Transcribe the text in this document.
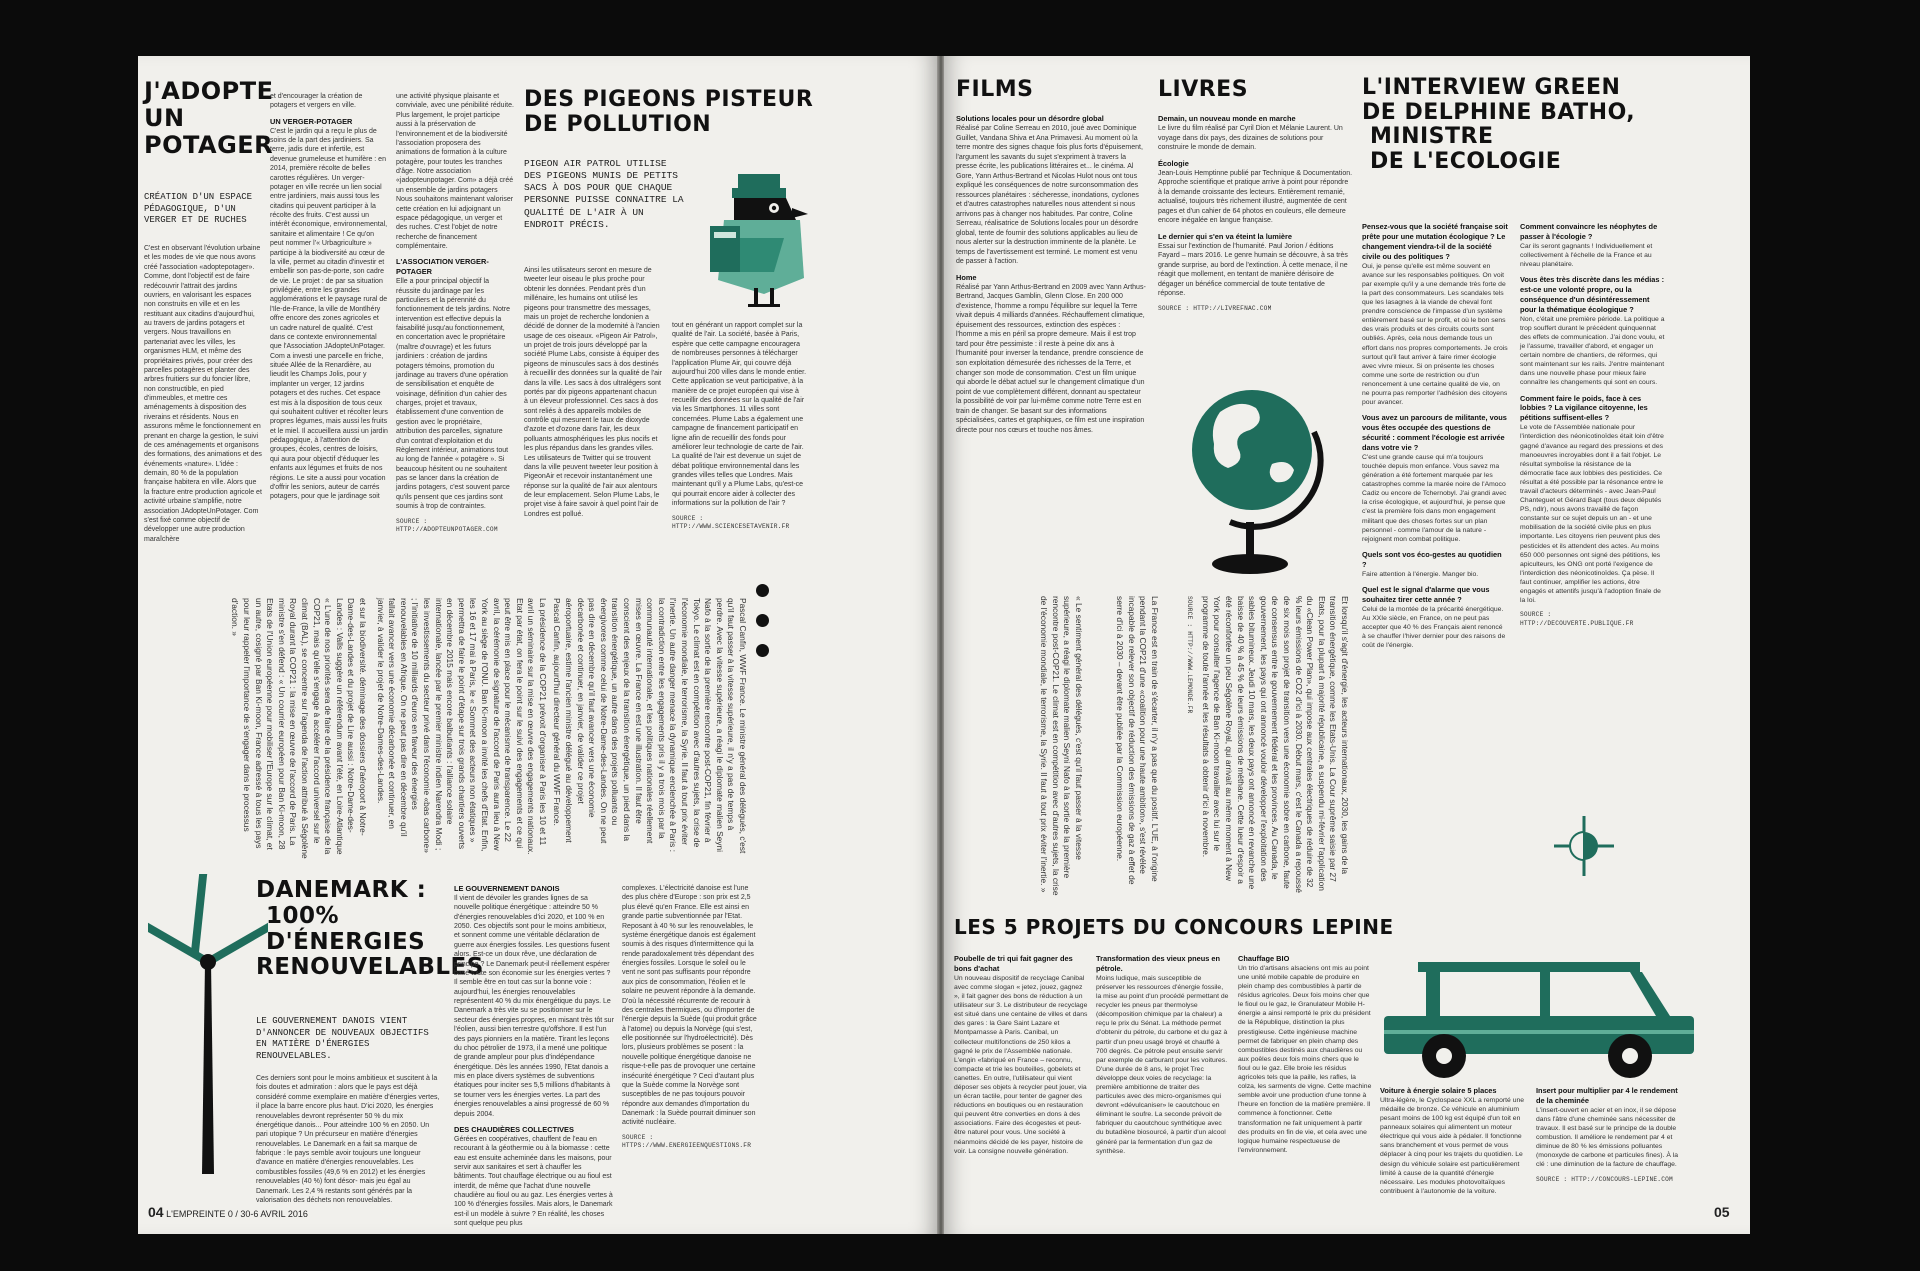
J'ADOPTE
UN
POTAGER
CRÉATION D'UN ESPACE PÉDAGOGIQUE, D'UN VERGER ET DE RUCHES
C'est en observant l'évolution urbaine et les modes de vie que nous avons créé l'association «adoptepotager». Comme, dont l'objectif est de faire redécouvrir l'attrait des jardins ouvriers, en valorisant les espaces non construits en ville et en les restituant aux citadins d'aujourd'hui, au travers de jardins potagers et vergers. Nous travaillons en partenariat avec les villes, les organismes HLM, et même des propriétaires privés, pour créer des parcelles potagères et planter des arbres fruitiers sur du foncier libre, non constructible, en pied d'immeubles, et mettre ces aménagements à disposition des riverains et résidents. Nous en assurons même le fonctionnement en prenant en charge la gestion, le suivi de ces aménagements et organisons des formations, des animations et des événements «nature». L'idée : demain, 80 % de la population française habitera en ville. Alors que la fracture entre production agricole et activité urbaine s'amplifie, notre association JAdopteUnPotager. Com s'est fixé comme objectif de développer une autre production maraîchère
et d'encourager la création de potagers et vergers en ville.
UN VERGER-POTAGER
C'est le jardin qui a reçu le plus de soins de la part des jardiniers. Sa terre, jadis dure et infertile, est devenue grumeleuse et humifère : en 2014, première récolte de belles carottes régulières. Un verger-potager en ville recrée un lien social entre jardiniers, mais aussi tous les citadins qui peuvent participer à la récolte des fruits. C'est aussi un intérêt économique, environnemental, sanitaire et alimentaire ! Ce qu'on peut nommer l'« Urbagriculture » participe à la biodiversité au cœur de la ville, permet au citadin d'investir et embellir son pas-de-porte, son cadre de vie. Le projet : de par sa situation privilégiée, entre les grandes agglomérations et le paysage rural de l'Ile-de-France, la ville de Montlhéry offre encore des zones agricoles et un cadre naturel de qualité. C'est dans ce contexte environnemental que l'Association JAdopteUnPotager. Com a investi une parcelle en friche, située Allée de la Renardière, au lieudit les Champs Jolis, pour y implanter un verger, 12 jardins potagers et des ruches. Cet espace est mis à la disposition de tous ceux qui souhaitent cultiver et récolter leurs propres légumes, mais aussi les fruits et le miel. Il accueillera aussi un jardin pédagogique, à l'attention de groupes, écoles, centres de loisirs, qui aura pour objectif d'éduquer les enfants aux légumes et fruits de nos régions. Le site a aussi pour vocation d'offrir les seniors, auteur de carrés potagers, pour que le jardinage soit
une activité physique plaisante et conviviale, avec une pénibilité réduite. Plus largement, le projet participe aussi à la préservation de l'environnement et de la biodiversité l'association proposera des animations de formation à la culture potagère, pour toutes les tranches d'âge. Notre association «jadopteunpotager. Com» a déjà créé un ensemble de jardins potagers Nous souhaitons maintenant valoriser cette création en lui adjoignant un espace pédagogique, un verger et des ruches. C'est l'objet de notre recherche de financement complémentaire.
L'ASSOCIATION VERGER-POTAGER
Elle a pour principal objectif la réussite du jardinage par les particuliers et la pérennité du fonctionnement de tels jardins. Notre intervention est effective depuis la faisabilité jusqu'au fonctionnement, en concertation avec le propriétaire (maître d'ouvrage) et les futurs jardiniers : création de jardins potagers témoins, promotion du jardinage au travers d'une opération de sensibilisation et enquête de voisinage, définition d'un cahier des charges, projet et travaux, établissement d'une convention de gestion avec le propriétaire, attribution des parcelles, signature d'un contrat d'exploitation et du Règlement intérieur, animations tout au long de l'année « potagère ». Si beaucoup hésitent ou ne souhaitent pas se lancer dans la création de jardins potagers, c'est souvent parce qu'ils pensent que ces jardins sont soumis à trop de contraintes.
SOURCE : HTTP://ADOPTEUNPOTAGER.COM
DES PIGEONS PISTEUR
DE POLLUTION
PIGEON AIR PATROL UTILISE DES PIGEONS MUNIS DE PETITS SACS À DOS POUR QUE CHAQUE PERSONNE PUISSE CONNAITRE LA QUALITÉ DE L'AIR À UN ENDROIT PRÉCIS.
Ainsi les utilisateurs seront en mesure de tweeter leur oiseau le plus proche pour obtenir les données. Pendant près d'un millénaire, les humains ont utilisé les pigeons pour transmettre des messages, mais un projet de recherche londonien a décidé de donner de la modernité à l'ancien usage de ces oiseaux. «Pigeon Air Patrol», un projet de trois jours développé par la société Plume Labs, consiste à équiper des pigeons de minuscules sacs à dos destinés à recueillir des données sur la qualité de l'air dans la ville. Les sacs à dos ultralégers sont portés par dix pigeons appartenant chacun à un éleveur professionnel. Ces sacs à dos sont reliés à des appareils mobiles de contrôle qui mesurent le taux de dioxyde d'azote et d'ozone dans l'air, les deux polluants atmosphériques les plus nocifs et les plus répandus dans les grandes villes. Les utilisateurs de Twitter qui se trouvent dans la ville peuvent tweeter leur position à PigeonAir et recevoir instantanément une réponse sur la qualité de l'air aux alentours de leur emplacement. Selon Plume Labs, le projet vise à faire savoir à quel point l'air de Londres est pollué.
tout en générant un rapport complet sur la qualité de l'air. La société, basée à Paris, espère que cette campagne encouragera de nombreuses personnes à télécharger l'application Plume Air, qui couvre déjà aujourd'hui 200 villes dans le monde entier. Cette application se veut participative, à la manière de ce projet européen qui vise à recueillir des données sur la qualité de l'air via les Smartphones. 11 villes sont concernées. Plume Labs a également une campagne de financement participatif en ligne afin de recueillir des fonds pour améliorer leur technologie de carte de l'air. La qualité de l'air est devenue un sujet de débat politique environnemental dans les grandes villes telles que Londres. Mais maintenant qu'il y a Plume Labs, qu'est-ce qui pourrait encore aider à collecter des informations sur la pollution de l'air ?
SOURCE : HTTP://WWW.SCIENCESETAVENIR.FR
et sur la biodiversité. déminage des dossiers d'aéroport à Notre-Dame-des-Landes et du projet de Lire aussi : Notre-Dame-des-Landes : Valls suggère un référendum avant l'été, en Loire-Atlantique « L'une de nos priorités sera de faire de la présidence française de la COP21, mais qu'elle s'engage à accélérer l'accord universel sur le climat (BAL), se concentre sur l'agenda de l'action attribué à Ségolène Royal durant la COP21 : la mise en œuvre de l'accord de Paris. La ministre s'en défend : « Un courrier européen pour Ban Ki-moon, 28 Etats de l'Union européenne pour mobiliser l'Europe sur le climat, et un autre, cosigné par Ban Ki-moon, France adressé à tous les pays pour leur rappeler l'importance de s'engager dans le processus d'action. »	La présidence de la COP21 prévoit d'organiser à Paris les 10 et 11 avril un séminaire sur la mise en œuvre des engagements nationaux. Etat par état, on fera le point sur le suivi des engagements et ce qui peut être mis en place pour le mécanisme de transparence. Le 22 avril, la cérémonie de signature de l'accord de Paris aura lieu à New York au siège de l'ONU. Ban Ki-moon a invité les chefs d'Etat. Enfin, les 16 et 17 mai à Paris, le « Sommet des acteurs non étatiques » permettra de faire le point d'étape sur trois grands chantiers ouverts en décembre 2015 mais encore balbutiants : l'alliance solaire internationale, lancée par le premier ministre indien Narendra Modi ; les investissements du secteur privé dans l'économie «bas carbone» ; l'initiative de 10 milliards d'euros en faveur des énergies renouvelables en Afrique. On ne peut pas dire en décembre qu'il fallait avancer vers une économie décarbonée et continuer, en janvier, à valider le projet de Notre-Dames-des-Landes.	Pascal Canfin, WWF France. Le ministre général des délégués, c'est qu'il faut passer à la vitesse supérieure, il n'y a pas de temps à perdre. Avec la vitesse supérieure, a réagi le diplomate malien Seyni Nafo à la sortie de la première rencontre post-COP21, fin février à Tokyo. Le climat est en compétition avec d'autres sujets, la crise de l'économie mondiale, le terrorisme, la Syrie. Il faut à tout prix éviter l'inertie. Un autre danger menace la dynamique enclenchée à Paris : la contradiction entre les engagements pris il y a trois mois par la communauté internationale, et les politiques nationales réellement mises en œuvre. La France en est une illustration. Il faut être conscient des enjeux de la transition énergétique, un pied dans la transition énergétique, un autre dans des projets polluants ou énergivores comme celui de Notre-Dame-des-Landes. On ne peut pas dire en décembre qu'il faut avancer vers une économie décarbonée et continuer, en janvier, de valider ce projet aéroportuaire, estime l'ancien ministre délégué au développement Pascal Canfin, aujourd'hui directeur général du WWF France.
DANEMARK :
100%
D'ÉNERGIES
RENOUVELABLES
LE GOUVERNEMENT DANOIS VIENT D'ANNONCER DE NOUVEAUX OBJECTIFS EN MATIÈRE D'ÉNERGIES RENOUVELABLES.
Ces derniers sont pour le moins ambitieux et suscitent à la fois doutes et admiration : alors que le pays est déjà considéré comme exemplaire en matière d'énergies vertes, il place la barre encore plus haut. D'ici 2020, les énergies renouvelables devront représenter 50 % du mix énergétique danois... Pour atteindre 100 % en 2050. Un pari utopique ? Un précurseur en matière d'énergies renouvelables. Le Danemark en a fait sa marque de fabrique : le pays semble avoir toujours une longueur d'avance en matière d'énergies renouvelables. Les combustibles fossiles (49,6 % en 2012) et les énergies renouvelables (40 %) font désor- mais jeu égal au Danemark. Les 2,4 % restants sont générés par la valorisation des déchets non renouvelables.
LE GOUVERNEMENT DANOIS
Il vient de dévoiler les grandes lignes de sa nouvelle politique énergétique : atteindre 50 % d'énergies renouvelables d'ici 2020, et 100 % en 2050. Ces objectifs sont pour le moins ambitieux, et sonnent comme une véritable déclaration de guerre aux énergies fossiles. Les questions fusent alors. Est-ce un doux rêve, une déclaration de principe ? Le Danemark peut-il réellement espérer basé toute son économie sur les énergies vertes ? Il semble être en tout cas sur la bonne voie : aujourd'hui, les énergies renouvelables représentent 40 % du mix énergétique du pays. Le Danemark a très vite su se positionner sur le secteur des énergies propres, en misant très tôt sur l'éolien, aussi bien terrestre qu'offshore. Il est l'un des pays pionniers en la matière. Tirant les leçons du choc pétrolier de 1973, il a mené une politique de grande ampleur pour plus d'indépendance énergétique. Dès les années 1990, l'Etat danois a mis en place divers systèmes de subventions étatiques pour inciter ses 5,5 millions d'habitants à se tourner vers les énergies vertes. La part des énergies renouvelables a ainsi progressé de 60 % depuis 2004.
DES CHAUDIÈRES COLLECTIVES
Gérées en coopératives, chauffent de l'eau en recourant à la géothermie ou à la biomasse : cette eau est ensuite acheminée dans les maisons, pour servir aux sanitaires et sert à chauffer les bâtiments. Tout chauffage électrique ou au fioul est interdit, de même que l'achat d'une nouvelle chaudière au fioul ou au gaz. Les énergies vertes à 100 % d'énergies fossiles. Mais alors, le Danemark est-il un modèle à suivre ? En réalité, les choses sont quelque peu plus
complexes. L'électricité danoise est l'une des plus chère d'Europe : son prix est 2,5 plus élevé qu'en France. Elle est ainsi en grande partie subventionnée par l'Etat. Reposant à 40 % sur les renouvelables, le système énergétique danois est également soumis à des risques d'intermittence qui la rende paradoxalement très dépendant des énergies fossiles. Lorsque le soleil ou le vent ne sont pas suffisants pour répondre aux pics de consommation, l'éolien et le solaire ne peuvent répondre à la demande. D'où la nécessité récurrente de recourir à des centrales thermiques, ou d'importer de l'énergie depuis la Suède (qui produit grâce à l'atome) ou depuis la Norvège (qui s'est, elle positionnée sur l'hydroélectricité). Dès lors, plusieurs problèmes se posent : la nouvelle politique énergétique danoise ne risque-t-elle pas de provoquer une certaine insécurité énergétique ? Ceci d'autant plus que la Suède comme la Norvège sont susceptibles de ne pas toujours pouvoir répondre aux demandes d'importation du Danemark : la Suède pourrait diminuer son activité nucléaire.
SOURCE : HTTPS://WWW.ENERGIEENQUESTIONS.FR
04 L'EMPREINTE 0 / 30-6 AVRIL 2016
FILMS
Solutions locales pour un désordre global
Réalisé par Coline Serreau en 2010, joué avec Dominique Guillet, Vandana Shiva et Ana Primavesi. Au moment où la terre montre des signes chaque fois plus forts d'épuisement, l'argument les savants du sujet s'expriment à travers la presse écrite, les publications littéraires et... le cinéma. Al Gore, Yann Arthus-Bertrand et Nicolas Hulot nous ont tous expliqué les conséquences de notre surconsommation des ressources planétaires : sécheresse, inondations, cyclones et d'autres catastrophes naturelles nous attendent si nous arrivons pas à changer nos habitudes. Par contre, Coline Serreau, réalisatrice de Solutions locales pour un désordre global, tente de fournir des solutions applicables au lieu de nous alerter sur la destruction imminente de la planète. Le temps de l'avertissement est terminé. Le moment est venu de passer à l'action.
Home
Réalisé par Yann Arthus-Bertrand en 2009 avec Yann Arthus-Bertrand, Jacques Gamblin, Glenn Close. En 200 000 d'existence, l'homme a rompu l'équilibre sur lequel la Terre vivait depuis 4 milliards d'années. Réchauffement climatique, épuisement des ressources, extinction des espèces : l'homme a mis en péril sa propre demeure. Mais il est trop tard pour être pessimiste : il reste à peine dix ans à l'humanité pour inverser la tendance, prendre conscience de son exploitation démesurée des richesses de la Terre, et changer son mode de consommation. C'est un film unique qui aborde le débat actuel sur le changement climatique d'un point de vue complètement différent, donnant au spectateur la possibilité de voir par lui-même comme notre Terre est en train de changer. Se basant sur des informations spécialisées, cartes et graphiques, ce film est une inspiration directe pour nos cœurs et touche nos âmes.
LIVRES
Demain, un nouveau monde en marche
Le livre du film réalisé par Cyril Dion et Mélanie Laurent. Un voyage dans dix pays, des dizaines de solutions pour construire le monde de demain.
Écologie
Jean-Louis Hemptinne publié par Technique & Documentation. Approche scientifique et pratique arrive à point pour répondre à la demande croissante des lecteurs. Entièrement remanié, actualisé, toujours très richement illustré, augmentée de cent pages et d'un cahier de 64 photos en couleurs, elle demeure encore inégalée en langue française.
Le dernier qui s'en va éteint la lumière
Essai sur l'extinction de l'humanité. Paul Jorion / éditions Fayard – mars 2016. Le genre humain se découvre, à sa très grande surprise, au bord de l'extinction. À cette menace, il ne réagit que mollement, en tentant de manière dérisoire de dégager un bénéfice commercial de toute tentative de réponse.
SOURCE : HTTP://LIVREFNAC.COM
L'INTERVIEW GREEN
DE DELPHINE BATHO,
MINISTRE
DE L'ECOLOGIE
Pensez-vous que la société française soit prête pour une mutation écologique ? Le changement viendra-t-il de la société civile ou des politiques ?
Oui, je pense qu'elle est même souvent en avance sur les responsables politiques. On voit par exemple qu'il y a une demande très forte de la part des consommateurs. Les scandales tels que les lasagnes à la viande de cheval font prendre conscience de l'impasse d'un système entièrement basé sur le profit, et où le bon sens des vrais produits et des circuits courts sont oubliés. Après, cela nous demande tous un effort dans nos propres comportements. Je crois surtout qu'il faut arriver à faire rimer écologie avec vivre mieux. Si on présente les choses comme une sorte de restriction ou d'un renoncement à une certaine qualité de vie, on ne pourra pas remporter l'adhésion des citoyens pour avancer.
Vous avez un parcours de militante, vous vous êtes occupée des questions de sécurité : comment l'écologie est arrivée dans votre vie ?
C'est une grande cause qui m'a toujours touchée depuis mon enfance. Vous savez ma génération a été fortement marquée par les catastrophes comme la marée noire de l'Amoco Cadiz ou encore de Tchernobyl. J'ai grandi avec la crise écologique, et aujourd'hui, je pense que c'est la première fois dans mon engagement militant que des choses fortes sur un plan personnel - comme l'amour de la nature - rejoignent mon combat politique.
Quels sont vos éco-gestes au quotidien ?
Faire attention à l'énergie. Manger bio.
Quel est le signal d'alarme que vous souhaitez tirer cette année ?
Celui de la montée de la précarité énergétique. Au XXIe siècle, en France, on ne peut pas accepter que 40 % des Français aient renoncé à se chauffer l'hiver dernier pour des raisons de coût de l'énergie.
Comment convaincre les néophytes de passer à l'écologie ?
Car ils seront gagnants ! Individuellement et collectivement à l'échelle de la France et au niveau planétaire.
Vous êtes très discrète dans les médias : est-ce une volonté propre, ou la conséquence d'un désintéressement pour la thématique écologique ?
Non, c'était une première période. La politique a trop souffert durant le précédent quinquennat des effets de communication. J'ai donc voulu, et je l'assume, travailler d'abord, et engager un certain nombre de chantiers, de réformes, qui sont maintenant sur les rails. J'entre maintenant dans une nouvelle phase pour mieux faire connaître les changements qui sont en cours.
Comment faire le poids, face à ces lobbies ? La vigilance citoyenne, les pétitions suffisent-elles ?
Le vote de l'Assemblée nationale pour l'interdiction des néonicotinoïdes était loin d'être gagné d'avance au regard des pressions et des manoeuvres incroyables dont il a fait l'objet. Le résultat symbolise la résistance de la démocratie face aux lobbies des pesticides. Ce résultat a été possible par la résonance entre le travail d'acteurs déterminés - avec Jean-Paul Chanteguet et Gérard Bapt (tous deux députés PS, ndlr), nous avons travaillé de façon constante sur ce sujet depuis un an - et une mobilisation de la société civile plus en plus importante. Les citoyens rien peuvent plus des pesticides et ils attendent des actes. Au moins 650 000 personnes ont signé des pétitions, les apiculteurs, les ONG ont porté l'exigence de l'interdiction des néonicotinoïdes. Ça pèse. Il faut continuer, amplifier les actions, être engagés et attentifs jusqu'à l'adoption finale de la loi.
SOURCE : HTTP://DECOUVERTE.PUBLIQUE.FR
« Le sentiment général des délégués, c'est qu'il faut passer à la vitesse supérieure, a réagi le diplomate malien Seyni Nafo à la sortie de la première rencontre post-COP21. Le climat est en compétition avec d'autres sujets, la crise de l'économie mondiale, le terrorisme, la Syrie. Il faut à tout prix éviter l'inertie. »	La France est en train de s'écarter, il n'y a pas que du positif. L'UE, à l'origine pendant la COP21 d'une «coalition pour une haute ambition», s'est révélée incapable de relever son objectif de réduction des émissions de gaz à effet de serre d'ici à 2030 – devant être publiée par la Commission européenne.	Et lorsqu'il s'agit d'énergie, les acteurs internationaux, 2030, les gains de la transition énergétique, comme les Etats-Unis. La Cour suprême saisie par 27 Etats, pour la plupart à majorité républicaine, a suspendu mi-février l'application du «Clean Power Plan», qui impose aux centrales électriques de réduire de 32 % leurs émissions de CO2 d'ici à 2030. Début mars, c'est le Canada a repoussé de six mois son projet de transition vers une économie sobre en carbone, faute de consensus entre le gouvernement fédéral et les provinces. Au Canada, le gouvernement, les pays qui ont annoncé vouloir développer l'exploitation des sables bitumineux. Jeudi 10 mars, les deux pays ont annoncé en revanche une baisse de 40 % à 45 % de leurs émissions de méthane. Cette lueur d'espoir a été réconfortée un peu Ségolène Royal, qui arrivait au même moment à New York pour consulter l'agence de Ban Ki-moon travailler avec lui sur le programme de toute l'année et les résultats à obtenir d'ici à novembre.
SOURCE : HTTP://WWW.LEMONDE.FR
LES 5 PROJETS DU CONCOURS LEPINE
Poubelle de tri qui fait gagner des bons d'achat
Un nouveau dispositif de recyclage Canibal avec comme slogan « jetez, jouez, gagnez », il fait gagner des bons de réduction à un utilisateur sur 3. Le distributeur de recyclage est situé dans une centaine de villes et dans des gares : la Gare Saint Lazare et Montparnasse à Paris. Canibal, un collecteur multifonctions de 250 kilos a gagné le prix de l'Assemblée nationale. L'engin «fabriqué en France – reconnu, compacte et trie les bouteilles, gobelets et canettes. En outre, l'utilisateur qui vient déposer ses objets à recycler peut jouer, via un écran tactile, pour tenter de gagner des réductions en boutiques ou en restauration qui peuvent être converties en dons à des associations. Faire des écogestes et peut-être naturel pour vous. Une société à néanmoins décidé de les payer, histoire de voir. La consigne nouvelle génération.
Transformation des vieux pneus en pétrole.
Moins ludique, mais susceptible de préserver les ressources d'énergie fossile, la mise au point d'un procédé permettant de recycler les pneus par thermolyse (décomposition chimique par la chaleur) a reçu le prix du Sénat. La méthode permet d'obtenir du pétrole, du carbone et du gaz à partir d'un pneu usagé broyé et chauffé à 700 degrés. Ce pétrole peut ensuite servir par exemple de carburant pour les voitures. D'une durée de 8 ans, le projet Trec développe deux voies de recyclage: la première ambitionne de traiter des particules avec des micro-organismes qui devront «dévulcaniser» le caoutchouc en éliminant le soufre. La seconde prévoit de fabriquer du caoutchouc synthétique avec du butadiène biosourcé, à partir d'un alcool généré par la fermentation d'un gaz de synthèse.
Chauffage BIO
Un trio d'artisans alsaciens ont mis au point une unité mobile capable de produire en plein champ des combustibles à partir de résidus agricoles. Deux fois moins cher que le fioul ou le gaz, le Granulateur Mobile H-énergie a ainsi remporté le prix du président de la République, distinction la plus prestigieuse. Cette ingénieuse machine permet de fabriquer en plein champ des combustibles destinés aux chaudières ou aux poêles deux fois moins chers que le fioul ou le gaz. Elle broie les résidus agricoles tels que la paille, les rafles, la colza, les sarments de vigne. Cette machine semble avoir une production d'une tonne à l'heure en fonction de la matière première. Il commence à fonctionner. Cette transformation ne fait uniquement à partir des produits en fin de vie, et cela avec une logique humaine respectueuse de l'environnement.
Voiture à énergie solaire 5 places
Ultra-légère, le Cyclospace XXL a remporté une médaille de bronze. Ce véhicule en aluminium pesant moins de 100 kg est équipé d'un toit en panneaux solaires qui alimentent un moteur électrique qui vous aide à pédaler. Il fonctionne sans branchement et vous permet de vous déplacer à cinq pour les trajets du quotidien. Le design du véhicule solaire est particulièrement limité à cause de la quantité d'énergie nécessaire. Les modules photovoltaïques contribuent à l'autonomie de la voiture.
Insert pour multiplier par 4 le rendement de la cheminée
L'insert-ouvert en acier et en inox, il se dépose dans l'âtre d'une cheminée sans nécessiter de travaux. Il est basé sur le principe de la double combustion. Il améliore le rendement par 4 et diminue de 80 % les émissions polluantes (monoxyde de carbone et particules fines). À la clé : une diminution de la facture de chauffage.
SOURCE : HTTP://CONCOURS-LEPINE.COM
05
